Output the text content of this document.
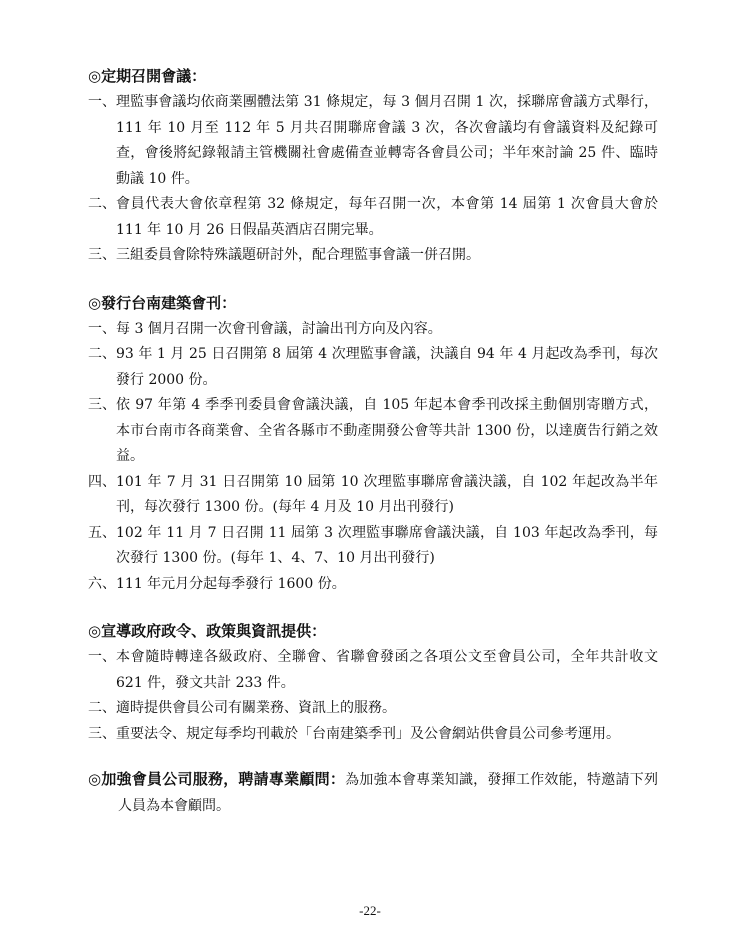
◎定期召開會議：
一、 理監事會議均依商業團體法第 31 條規定，每 3 個月召開 1 次，採聯席會議方式舉行，111 年 10 月至 112 年 5 月共召開聯席會議 3 次，各次會議均有會議資料及紀錄可查，會後將紀錄報請主管機關社會處備查並轉寄各會員公司；半年來討論 25 件、臨時動議 10 件。
二、 會員代表大會依章程第 32 條規定，每年召開一次，本會第 14 屆第 1 次會員大會於 111 年 10 月 26 日假晶英酒店召開完畢。
三、 三組委員會除特殊議題研討外，配合理監事會議一併召開。
◎發行台南建築會刊：
一、 每 3 個月召開一次會刊會議，討論出刊方向及內容。
二、 93 年 1 月 25 日召開第 8 屆第 4 次理監事會議，決議自 94 年 4 月起改為季刊，每次發行 2000 份。
三、 依 97 年第 4 季季刊委員會會議決議，自 105 年起本會季刊改採主動個別寄贈方式，本市台南市各商業會、全省各縣市不動產開發公會等共計 1300 份，以達廣告行銷之效益。
四、 101 年 7 月 31 日召開第 10 屆第 10 次理監事聯席會議決議，自 102 年起改為半年刊，每次發行 1300 份。(每年 4 月及 10 月出刊發行)
五、 102 年 11 月 7 日召開 11 屆第 3 次理監事聯席會議決議，自 103 年起改為季刊，每次發行 1300 份。(每年 1、4、7、10 月出刊發行)
六、 111 年元月分起每季發行 1600 份。
◎宣導政府政令、政策與資訊提供：
一、 本會隨時轉達各級政府、全聯會、省聯會發函之各項公文至會員公司，全年共計收文 621 件，發文共計 233 件。
二、 適時提供會員公司有關業務、資訊上的服務。
三、 重要法令、規定每季均刊載於「台南建築季刊」及公會網站供會員公司參考運用。
◎加強會員公司服務，聘請專業顧問：為加強本會專業知識，發揮工作效能，特邀請下列人員為本會顧問。
-22-
